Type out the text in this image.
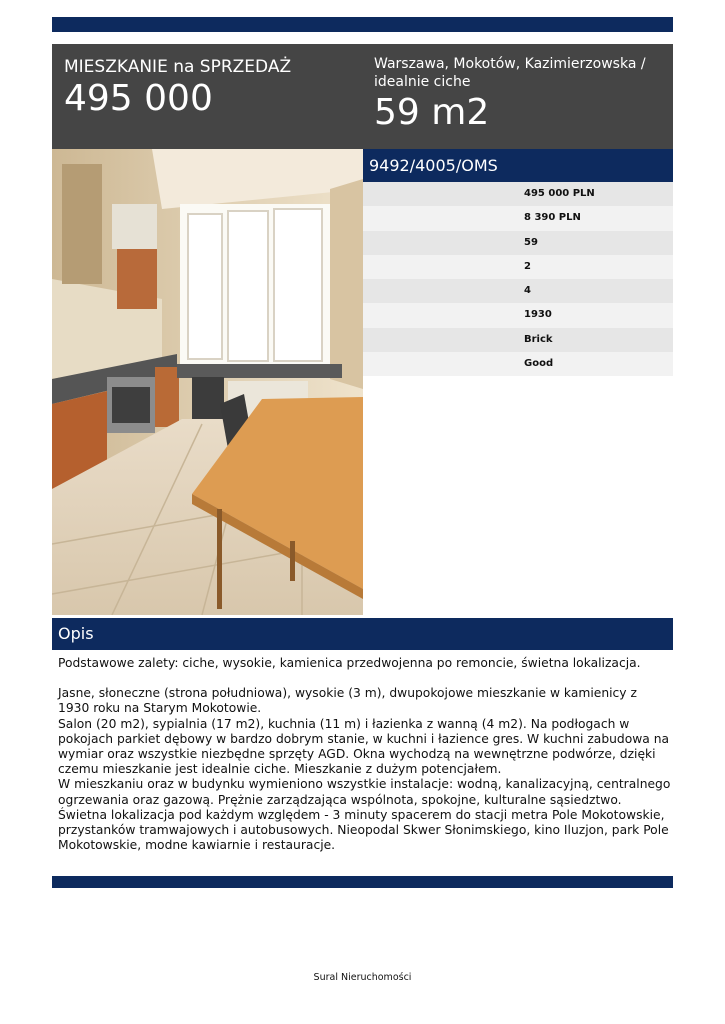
MIESZKANIE na SPRZEDAŻ
495 000
Warszawa, Mokotów, Kazimierzowska / idealnie ciche
59 m2
9492/4005/OMS
495 000 PLN
8 390 PLN
59
2
4
1930
Brick
Good
Opis

Podstawowe zalety: ciche, wysokie, kamienica przedwojenna po remoncie, świetna lokalizacja.

Jasne, słoneczne (strona południowa), wysokie (3 m), dwupokojowe mieszkanie w kamienicy z 1930 roku na Starym Mokotowie.

Salon (20 m2), sypialnia (17 m2), kuchnia (11 m) i łazienka z wanną (4 m2). Na podłogach w pokojach parkiet dębowy w bardzo dobrym stanie, w kuchni i łazience gres. W kuchni zabudowa na wymiar oraz wszystkie niezbędne sprzęty AGD. Okna wychodzą na wewnętrzne podwórze, dzięki czemu mieszkanie jest idealnie ciche. Mieszkanie z dużym potencjałem.

W mieszkaniu oraz w budynku wymieniono wszystkie instalacje: wodną, kanalizacyjną, centralnego ogrzewania oraz gazową. Prężnie zarządzająca wspólnota, spokojne, kulturalne sąsiedztwo.

Świetna lokalizacja pod każdym względem - 3 minuty spacerem do stacji metra Pole Mokotowskie, przystanków tramwajowych i autobusowych. Nieopodal Skwer Słonimskiego, kino Iluzjon, park Pole Mokotowskie, modne kawiarnie i restauracje.

Sural Nieruchomości
